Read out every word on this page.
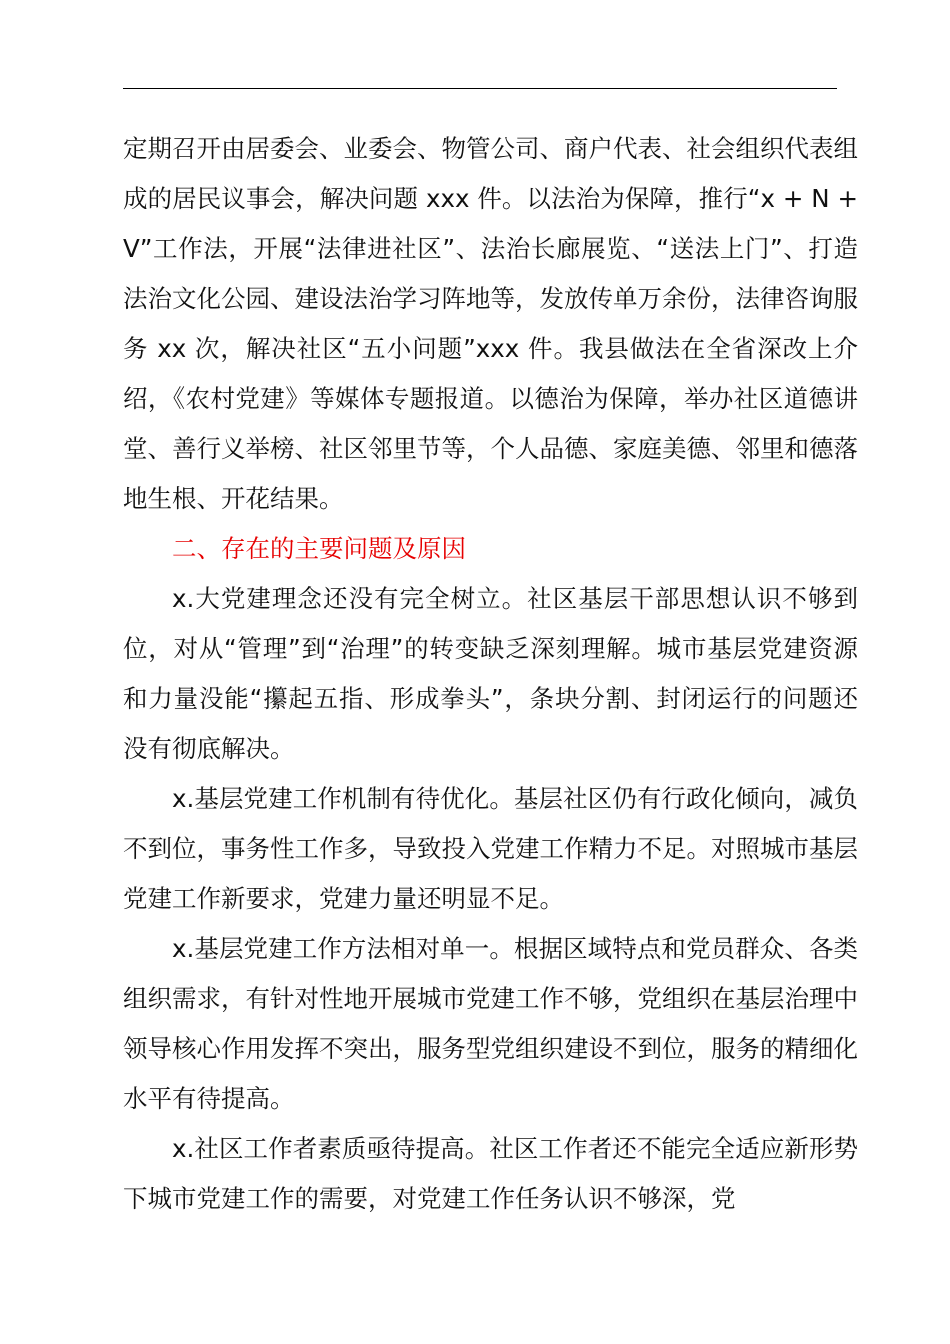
定期召开由居委会、业委会、物管公司、商户代表、社会组织代表组成的居民议事会，解决问题 xxx 件。以法治为保障，推行“x + N + V”工作法，开展“法律进社区”、法治长廊展览、“送法上门”、打造法治文化公园、建设法治学习阵地等，发放传单万余份，法律咨询服务 xx 次，解决社区“五小问题”xxx 件。我县做法在全省深改上介绍，《农村党建》等媒体专题报道。以德治为保障，举办社区道德讲堂、善行义举榜、社区邻里节等，个人品德、家庭美德、邻里和德落地生根、开花结果。

二、存在的主要问题及原因

x.大党建理念还没有完全树立。社区基层干部思想认识不够到位，对从“管理”到“治理”的转变缺乏深刻理解。城市基层党建资源和力量没能“攥起五指、形成拳头”，条块分割、封闭运行的问题还没有彻底解决。

x.基层党建工作机制有待优化。基层社区仍有行政化倾向，减负不到位，事务性工作多，导致投入党建工作精力不足。对照城市基层党建工作新要求，党建力量还明显不足。

x.基层党建工作方法相对单一。根据区域特点和党员群众、各类组织需求，有针对性地开展城市党建工作不够，党组织在基层治理中领导核心作用发挥不突出，服务型党组织建设不到位，服务的精细化水平有待提高。

x.社区工作者素质亟待提高。社区工作者还不能完全适应新形势下城市党建工作的需要，对党建工作任务认识不够深，党
